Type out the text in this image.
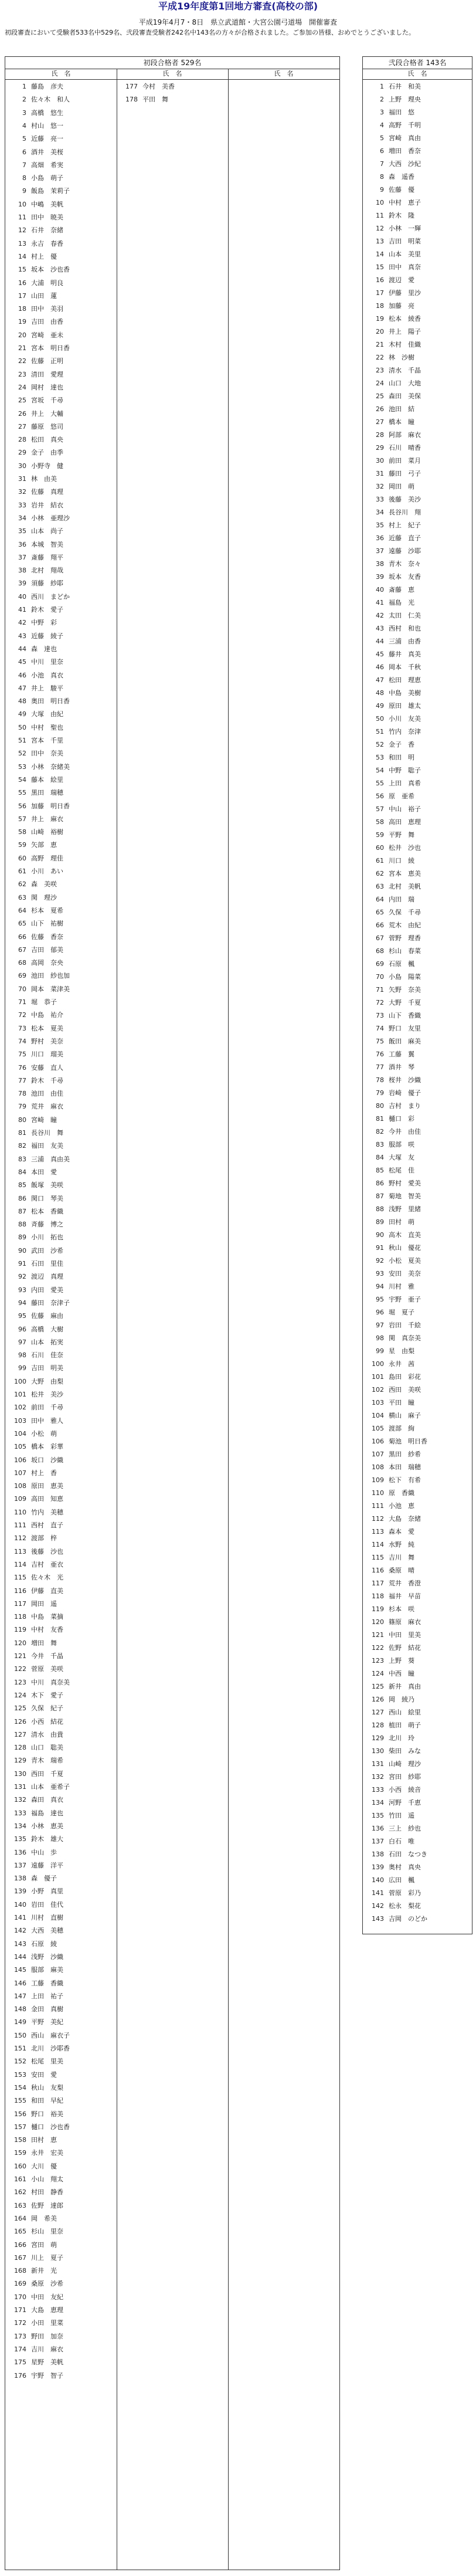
平成19年度第1回地方審査(高校の部)
平成19年4月7・8日　県立武道館・大宮公園弓道場　開催審査
初段審査において受験者533名中529名、弐段審査受験者242名中143名の方々が合格されました。ご参加の皆様、おめでとうございました。
初段合格者 529名
氏　名	氏　名	氏　名
1 藤島　彦夫
2 佐々木　和人
3 高橋　悠生
4 村山　悠一
5 近藤　亮一
6 酒井　美桜
7 高畑　希実
8 小島　萌子
9 飯島　茉莉子
10 中嶋　美帆
11 田中　暁美
12 石井　奈緒
13 永吉　春香
14 村上　優
15 坂本　沙也香
16 大浦　明良
17 山田　蓮
18 田中　美羽
19 吉田　由香
20 宮崎　亜未
21 宮本　明日香
22 佐藤　正明
23 清田　愛理
24 岡村　達也
25 宮坂　千尋
26 井上　大輔
27 藤原　悠司
28 松田　真央
29 金子　由季
30 小野寺　健
31 林　由美
32 佐藤　真理
33 岩井　結衣
34 小林　亜理沙
35 山本　尚子
36 本城　智美
37 斎藤　翔平
38 北村　翔哉
39 須藤　紗耶
40 西川　まどか
41 鈴木　愛子
42 中野　彩
43 近藤　綾子
44 森　達也
45 中川　里奈
46 小池　真衣
47 井上　駿平
48 奥田　明日香
49 大塚　由紀
50 中村　聖也
51 宮本　千里
52 田中　奈美
53 小林　奈緒美
54 藤本　絵里
55 黒田　瑞穂
56 加藤　明日香
57 井上　麻衣
58 山崎　裕樹
59 矢部　恵
60 高野　理佳
61 小川　あい
62 森　美咲
63 関　理沙
64 杉本　夏希
65 山下　祐樹
66 佐藤　香奈
67 吉田　郁美
68 高岡　奈央
69 池田　紗也加
70 岡本　菜津美
71 堀　恭子
72 中島　祐介
73 松本　夏美
74 野村　美奈
75 川口　瑠美
76 安藤　直人
77 鈴木　千尋
78 池田　由佳
79 荒井　麻衣
80 宮崎　瞳
81 長谷川　舞
82 福田　友美
83 三浦　真由美
84 本田　愛
85 飯塚　美咲
86 関口　琴美
87 松本　香織
88 斉藤　博之
89 小川　拓也
90 武田　沙希
91 石田　里佳
92 渡辺　真理
93 内田　愛美
94 藤田　奈津子
95 佐藤　麻由
96 高橋　大樹
97 山本　拓実
98 石川　佳奈
99 吉田　明美
100 大野　由梨
101 松井　美沙
102 前田　千尋
103 田中　雅人
104 小松　萌
105 橋本　彩華
106 坂口　沙織
107 村上　香
108 原田　恵美
109 高田　知恵
110 竹内　美穂
111 西村　直子
112 渡部　梓
113 後藤　沙也
114 吉村　亜衣
115 佐々木　光
116 伊藤　直美
117 岡田　遥
118 中島　菜摘
119 中村　友香
120 増田　舞
121 今井　千晶
122 菅原　美咲
123 中川　真奈美
124 木下　愛子
125 久保　紀子
126 小西　結花
127 清水　由貴
128 山口　聡美
129 青木　瑞希
130 西田　千夏
131 山本　亜希子
132 森田　真衣
133 福島　達也
134 小林　恵美
135 鈴木　雄大
136 中山　歩
137 遠藤　洋平
138 森　優子
139 小野　真里
140 岩田　佳代
141 川村　直樹
142 大西　美穂
143 石原　綾
144 浅野　沙織
145 服部　麻美
146 工藤　香織
147 上田　祐子
148 金田　真樹
149 平野　美紀
150 西山　麻衣子
151 北川　沙耶香
152 松尾　里美
153 安田　愛
154 秋山　友梨
155 和田　早紀
156 野口　裕美
157 樋口　沙也香
158 田村　恵
159 永井　宏美
160 大川　優
161 小山　翔太
162 村田　静香
163 佐野　達郎
164 岡　希美
165 杉山　里奈
166 宮田　萌
167 川上　夏子
168 新井　光
169 桑原　沙希
170 中田　友紀
171 大島　恵理
172 小田　里菜
173 野田　加奈
174 吉川　麻衣
175 星野　美帆
176 宇野　智子
177 今村　美香
178 平田　舞
弐段合格者 143名
氏　名
1 石井　和美
2 上野　理央
3 福田　悠
4 高野　千明
5 宮崎　真由
6 増田　香奈
7 大西　沙紀
8 森　遥香
9 佐藤　優
10 中村　恵子
11 鈴木　隆
12 小林　一輝
13 吉田　明菜
14 山本　美里
15 田中　真奈
16 渡辺　愛
17 伊藤　里沙
18 加藤　亮
19 松本　綾香
20 井上　陽子
21 木村　佳織
22 林　沙樹
23 清水　千晶
24 山口　大地
25 森田　美保
26 池田　結
27 橋本　瞳
28 阿部　麻衣
29 石川　晴香
30 前田　菜月
31 藤田　弓子
32 岡田　萌
33 後藤　美沙
34 長谷川　翔
35 村上　紀子
36 近藤　直子
37 遠藤　沙耶
38 青木　奈々
39 坂本　友香
40 斎藤　恵
41 福島　光
42 太田　仁美
43 西村　和也
44 三浦　由香
45 藤井　真美
46 岡本　千秋
47 松田　理恵
48 中島　美樹
49 原田　雄太
50 小川　友美
51 竹内　奈津
52 金子　香
53 和田　明
54 中野　聡子
55 上田　真希
56 原　亜希
57 中山　裕子
58 高田　恵理
59 平野　舞
60 松井　沙也
61 川口　綾
62 宮本　恵美
63 北村　美帆
64 内田　瑞
65 久保　千尋
66 荒木　由紀
67 菅野　理香
68 杉山　春菜
69 石原　楓
70 小島　陽菜
71 矢野　奈美
72 大野　千夏
73 山下　香織
74 野口　友里
75 飯田　麻美
76 工藤　翼
77 酒井　琴
78 桜井　沙織
79 岩崎　優子
80 吉村　まり
81 樋口　彩
82 今井　由佳
83 服部　咲
84 大塚　友
85 松尾　佳
86 野村　愛美
87 菊地　智美
88 浅野　里緒
89 田村　萌
90 高木　直美
91 秋山　優花
92 小松　夏美
93 安田　美奈
94 川村　雅
95 宇野　亜子
96 堀　夏子
97 岩田　千絵
98 関　真奈美
99 星　由梨
100 永井　茜
101 島田　彩花
102 西田　美咲
103 平田　瞳
104 横山　麻子
105 渡部　絢
106 菊池　明日香
107 黒田　紗希
108 本田　瑞穂
109 松下　有希
110 原　香織
111 小池　恵
112 大島　奈緒
113 森本　愛
114 水野　純
115 吉川　舞
116 桑原　晴
117 荒井　香澄
118 福井　早苗
119 杉本　咲
120 篠原　麻衣
121 中田　里美
122 佐野　結花
123 上野　葵
124 中西　瞳
125 新井　真由
126 岡　綾乃
127 西山　絵里
128 植田　萌子
129 北川　玲
130 柴田　みな
131 山崎　理沙
132 宮田　紗耶
133 小西　綾音
134 河野　千恵
135 竹田　遥
136 三上　紗也
137 白石　唯
138 石田　なつき
139 奥村　真央
140 広田　楓
141 菅原　彩乃
142 松永　梨花
143 吉岡　のどか
